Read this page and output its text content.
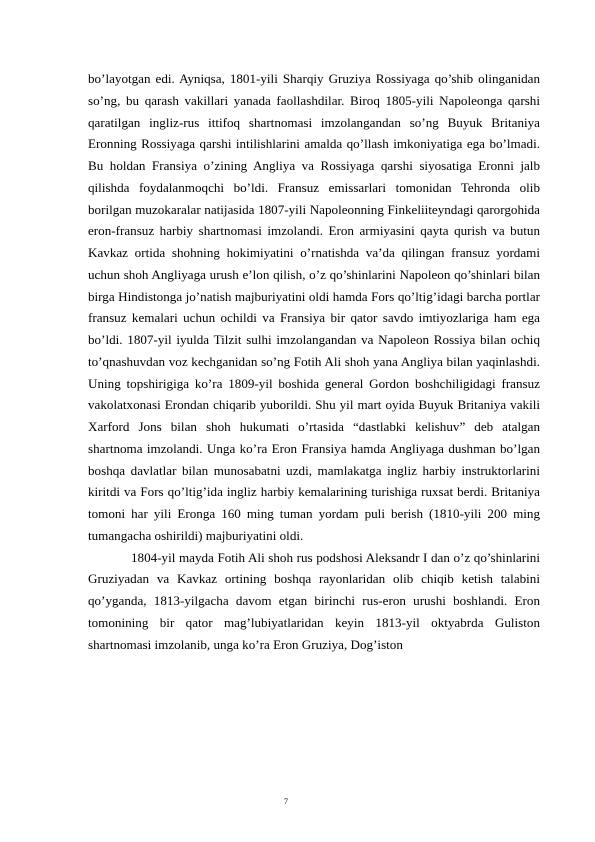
bo’layotgan edi. Ayniqsa, 1801-yili Sharqiy Gruziya Rossiyaga qo’shib olinganidan so’ng, bu qarash vakillari yanada faollashdilar. Biroq 1805-yili Napoleonga qarshi qaratilgan ingliz-rus ittifoq shartnomasi imzolangandan so’ng Buyuk Britaniya Eronning Rossiyaga qarshi intilishlarini amalda qo’llash imkoniyatiga ega bo’lmadi. Bu holdan Fransiya o’zining Angliya va Rossiyaga qarshi siyosatiga Eronni jalb qilishda foydalanmoqchi bo’ldi. Fransuz emissarlari tomonidan Tehronda olib borilgan muzokaralar natijasida 1807-yili Napoleonning Finkeliiteyndagi qarorgohida eron-fransuz harbiy shartnomasi imzolandi. Eron armiyasini qayta qurish va butun Kavkaz ortida shohning hokimiyatini o’rnatishda va’da qilingan fransuz yordami uchun shoh Angliyaga urush e’lon qilish, o’z qo’shinlarini Napoleon qo’shinlari bilan birga Hindistonga jo’natish majburiyatini oldi hamda Fors qo’ltig’idagi barcha portlar fransuz kemalari uchun ochildi va Fransiya bir qator savdo imtiyozlariga ham ega bo’ldi. 1807-yil iyulda Tilzit sulhi imzolangandan va Napoleon Rossiya bilan ochiq to’qnashuvdan voz kechganidan so’ng Fotih Ali shoh yana Angliya bilan yaqinlashdi. Uning topshirigiga ko’ra 1809-yil boshida general Gordon boshchiligidagi fransuz vakolatxonasi Erondan chiqarib yuborildi. Shu yil mart oyida Buyuk Britaniya vakili Xarford Jons bilan shoh hukumati o’rtasida “dastlabki kelishuv” deb atalgan shartnoma imzolandi. Unga ko’ra Eron Fransiya hamda Angliyaga dushman bo’lgan boshqa davlatlar bilan munosabatni uzdi, mamlakatga ingliz harbiy instruktorlarini kiritdi va Fors qo’ltig’ida ingliz harbiy kemalarining turishiga ruxsat berdi. Britaniya tomoni har yili Eronga 160 ming tuman yordam puli berish (1810-yili 200 ming tumangacha oshirildi) majburiyatini oldi.

1804-yil mayda Fotih Ali shoh rus podshosi Aleksandr I dan o’z qo’shinlarini Gruziyadan va Kavkaz ortining boshqa rayonlaridan olib chiqib ketish talabini qo’yganda, 1813-yilgacha davom etgan birinchi rus-eron urushi boshlandi. Eron tomonining bir qator mag’lubiyatlaridan keyin 1813-yil oktyabrda Guliston shartnomasi imzolanib, unga ko’ra Eron Gruziya, Dog’iston

7
